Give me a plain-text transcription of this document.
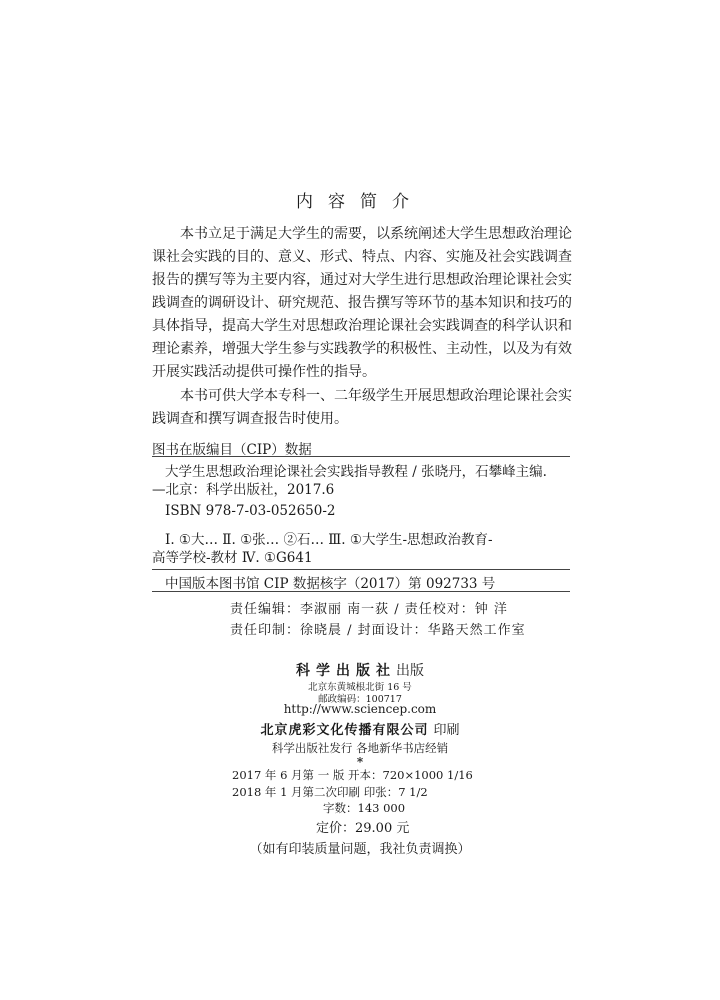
内容简介
本书立足于满足大学生的需要，以系统阐述大学生思想政治理论课社会实践的目的、意义、形式、特点、内容、实施及社会实践调查报告的撰写等为主要内容，通过对大学生进行思想政治理论课社会实践调查的调研设计、研究规范、报告撰写等环节的基本知识和技巧的具体指导，提高大学生对思想政治理论课社会实践调查的科学认识和理论素养，增强大学生参与实践教学的积极性、主动性，以及为有效开展实践活动提供可操作性的指导。
本书可供大学本专科一、二年级学生开展思想政治理论课社会实践调查和撰写调查报告时使用。
图书在版编目（CIP）数据
大学生思想政治理论课社会实践指导教程 / 张晓丹，石攀峰主编.
—北京：科学出版社，2017.6
ISBN 978-7-03-052650-2
Ⅰ. ①大… Ⅱ. ①张… ②石… Ⅲ. ①大学生-思想政治教育-
高等学校-教材 Ⅳ. ①G641
中国版本图书馆 CIP 数据核字（2017）第 092733 号
责任编辑：李淑丽 南一荻 / 责任校对：钟 洋
责任印制：徐晓晨 / 封面设计：华路天然工作室
科学出版社出版
北京东黄城根北街 16 号
邮政编码：100717
http://www.sciencep.com
北京虎彩文化传播有限公司 印刷
科学出版社发行 各地新华书店经销
*
2017 年 6 月第 一 版 开本：720×1000 1/16
2018 年 1 月第二次印刷 印张：7 1/2
字数：143 000
定价：29.00 元
（如有印装质量问题，我社负责调换）
